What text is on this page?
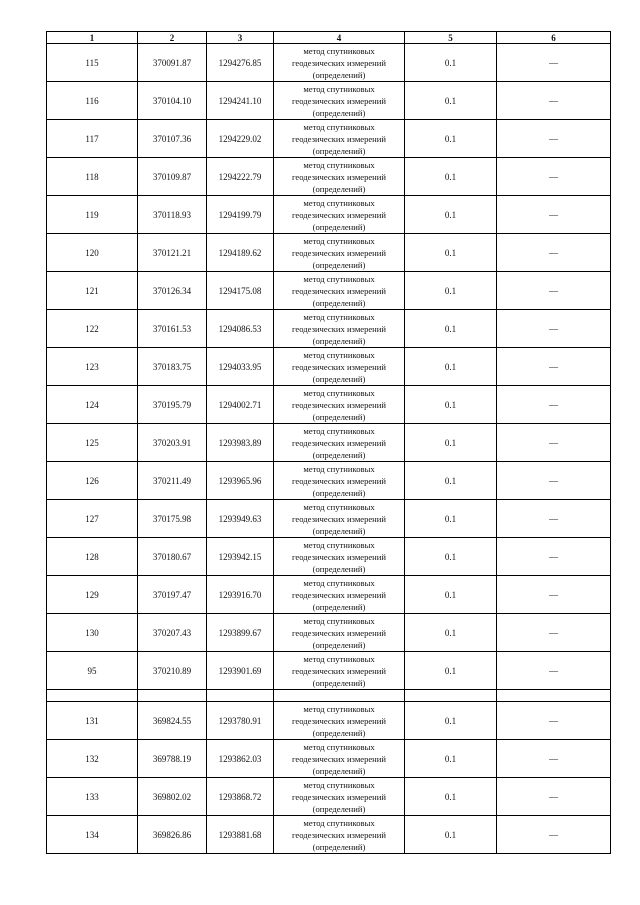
1	2	3	4	5	6
115	370091.87	1294276.85	метод спутниковых
геодезических измерений
(определений)	0.1	—
116	370104.10	1294241.10	метод спутниковых
геодезических измерений
(определений)	0.1	—
117	370107.36	1294229.02	метод спутниковых
геодезических измерений
(определений)	0.1	—
118	370109.87	1294222.79	метод спутниковых
геодезических измерений
(определений)	0.1	—
119	370118.93	1294199.79	метод спутниковых
геодезических измерений
(определений)	0.1	—
120	370121.21	1294189.62	метод спутниковых
геодезических измерений
(определений)	0.1	—
121	370126.34	1294175.08	метод спутниковых
геодезических измерений
(определений)	0.1	—
122	370161.53	1294086.53	метод спутниковых
геодезических измерений
(определений)	0.1	—
123	370183.75	1294033.95	метод спутниковых
геодезических измерений
(определений)	0.1	—
124	370195.79	1294002.71	метод спутниковых
геодезических измерений
(определений)	0.1	—
125	370203.91	1293983.89	метод спутниковых
геодезических измерений
(определений)	0.1	—
126	370211.49	1293965.96	метод спутниковых
геодезических измерений
(определений)	0.1	—
127	370175.98	1293949.63	метод спутниковых
геодезических измерений
(определений)	0.1	—
128	370180.67	1293942.15	метод спутниковых
геодезических измерений
(определений)	0.1	—
129	370197.47	1293916.70	метод спутниковых
геодезических измерений
(определений)	0.1	—
130	370207.43	1293899.67	метод спутниковых
геодезических измерений
(определений)	0.1	—
95	370210.89	1293901.69	метод спутниковых
геодезических измерений
(определений)	0.1	—

131	369824.55	1293780.91	метод спутниковых
геодезических измерений
(определений)	0.1	—
132	369788.19	1293862.03	метод спутниковых
геодезических измерений
(определений)	0.1	—
133	369802.02	1293868.72	метод спутниковых
геодезических измерений
(определений)	0.1	—
134	369826.86	1293881.68	метод спутниковых
геодезических измерений
(определений)	0.1	—
